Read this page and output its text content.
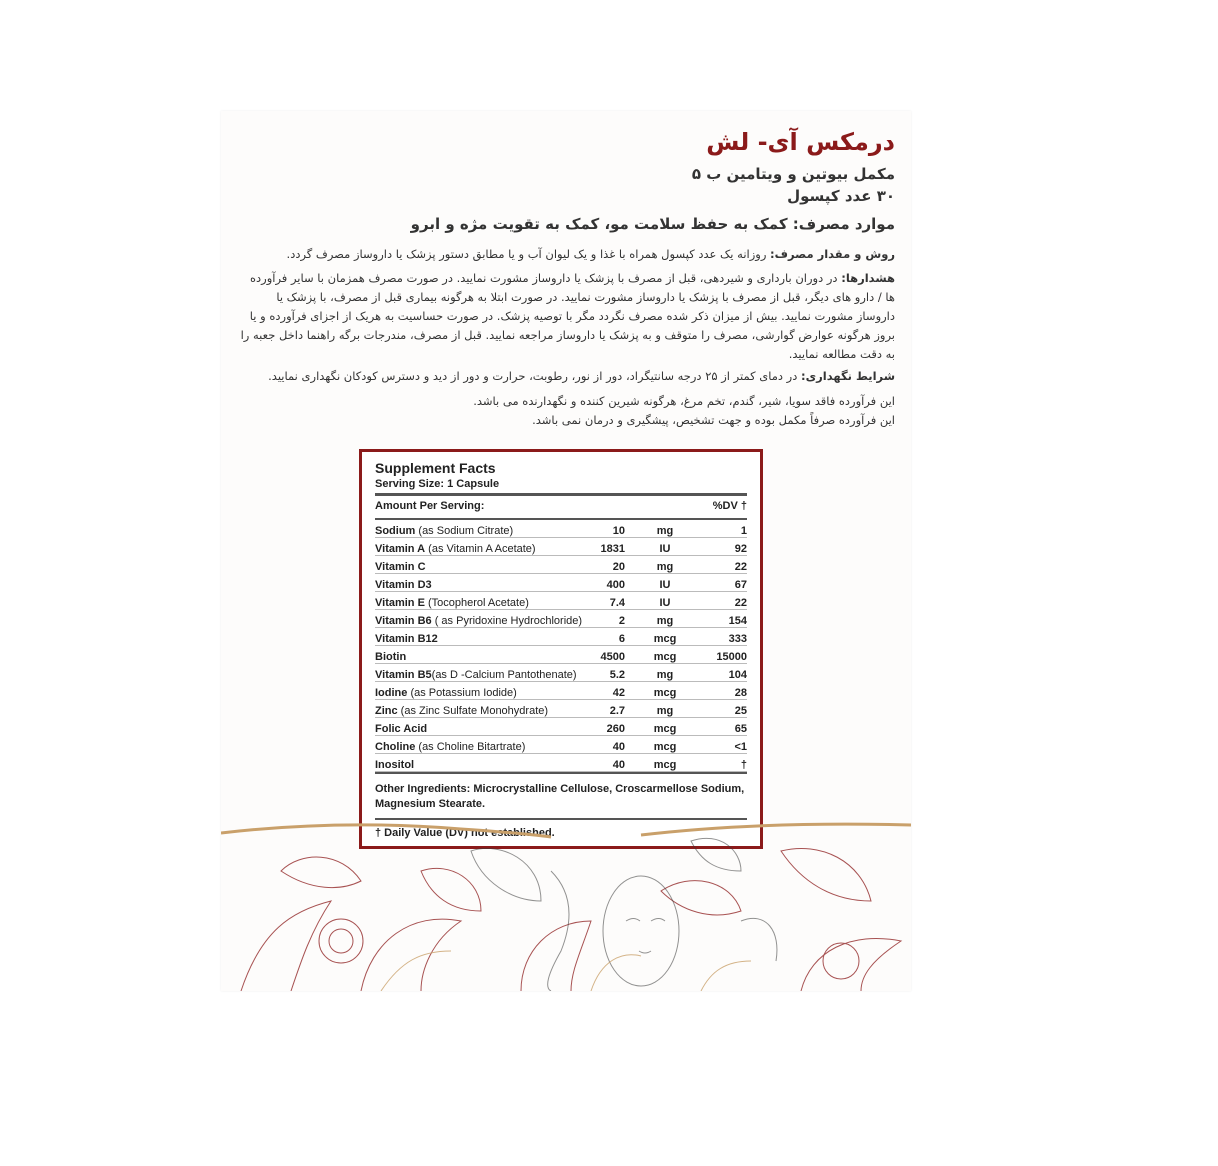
درمکس آی- لش
مکمل بیوتین و ویتامین ب ۵
۳۰ عدد کپسول
موارد مصرف: کمک به حفظ سلامت مو، کمک به تقویت مژه و ابرو
روش و مقدار مصرف: روزانه یک عدد کپسول همراه با غذا و یک لیوان آب و یا مطابق دستور پزشک یا داروساز مصرف گردد.
هشدارها: در دوران بارداری و شیردهی، قبل از مصرف با پزشک یا داروساز مشورت نمایید. در صورت مصرف همزمان با سایر فرآورده ها / دارو های دیگر، قبل از مصرف با پزشک یا داروساز مشورت نمایید. در صورت ابتلا به هرگونه بیماری قبل از مصرف، با پزشک یا داروساز مشورت نمایید. بیش از میزان ذکر شده مصرف نگردد مگر با توصیه پزشک. در صورت حساسیت به هریک از اجزای فرآورده و یا بروز هرگونه عوارض گوارشی، مصرف را متوقف و به پزشک یا داروساز مراجعه نمایید. قبل از مصرف، مندرجات برگه راهنما داخل جعبه را به دقت مطالعه نمایید.
شرایط نگهداری: در دمای کمتر از ۲۵ درجه سانتیگراد، دور از نور، رطوبت، حرارت و دور از دید و دسترس کودکان نگهداری نمایید.
این فرآورده فاقد سویا، شیر، گندم، تخم مرغ، هرگونه شیرین کننده و نگهدارنده می باشد.
این فرآورده صرفاً مکمل بوده و جهت تشخیص، پیشگیری و درمان نمی باشد.
Supplement Facts
Serving Size: 1 Capsule
Amount Per Serving:	%DV †
Sodium (as Sodium Citrate)	10	mg	1
Vitamin A (as Vitamin A Acetate)	1831	IU	92
Vitamin C	20	mg	22
Vitamin D3	400	IU	67
Vitamin E (Tocopherol Acetate)	7.4	IU	22
Vitamin B6 ( as Pyridoxine Hydrochloride)	2	mg	154
Vitamin B12	6	mcg	333
Biotin	4500	mcg	15000
Vitamin B5(as D -Calcium Pantothenate)	5.2	mg	104
Iodine (as Potassium Iodide)	42	mcg	28
Zinc (as Zinc Sulfate Monohydrate)	2.7	mg	25
Folic Acid	260	mcg	65
Choline (as Choline Bitartrate)	40	mcg	<1
Inositol	40	mcg	†
Other Ingredients: Microcrystalline Cellulose, Croscarmellose Sodium, Magnesium Stearate.
† Daily Value (DV) not established.
